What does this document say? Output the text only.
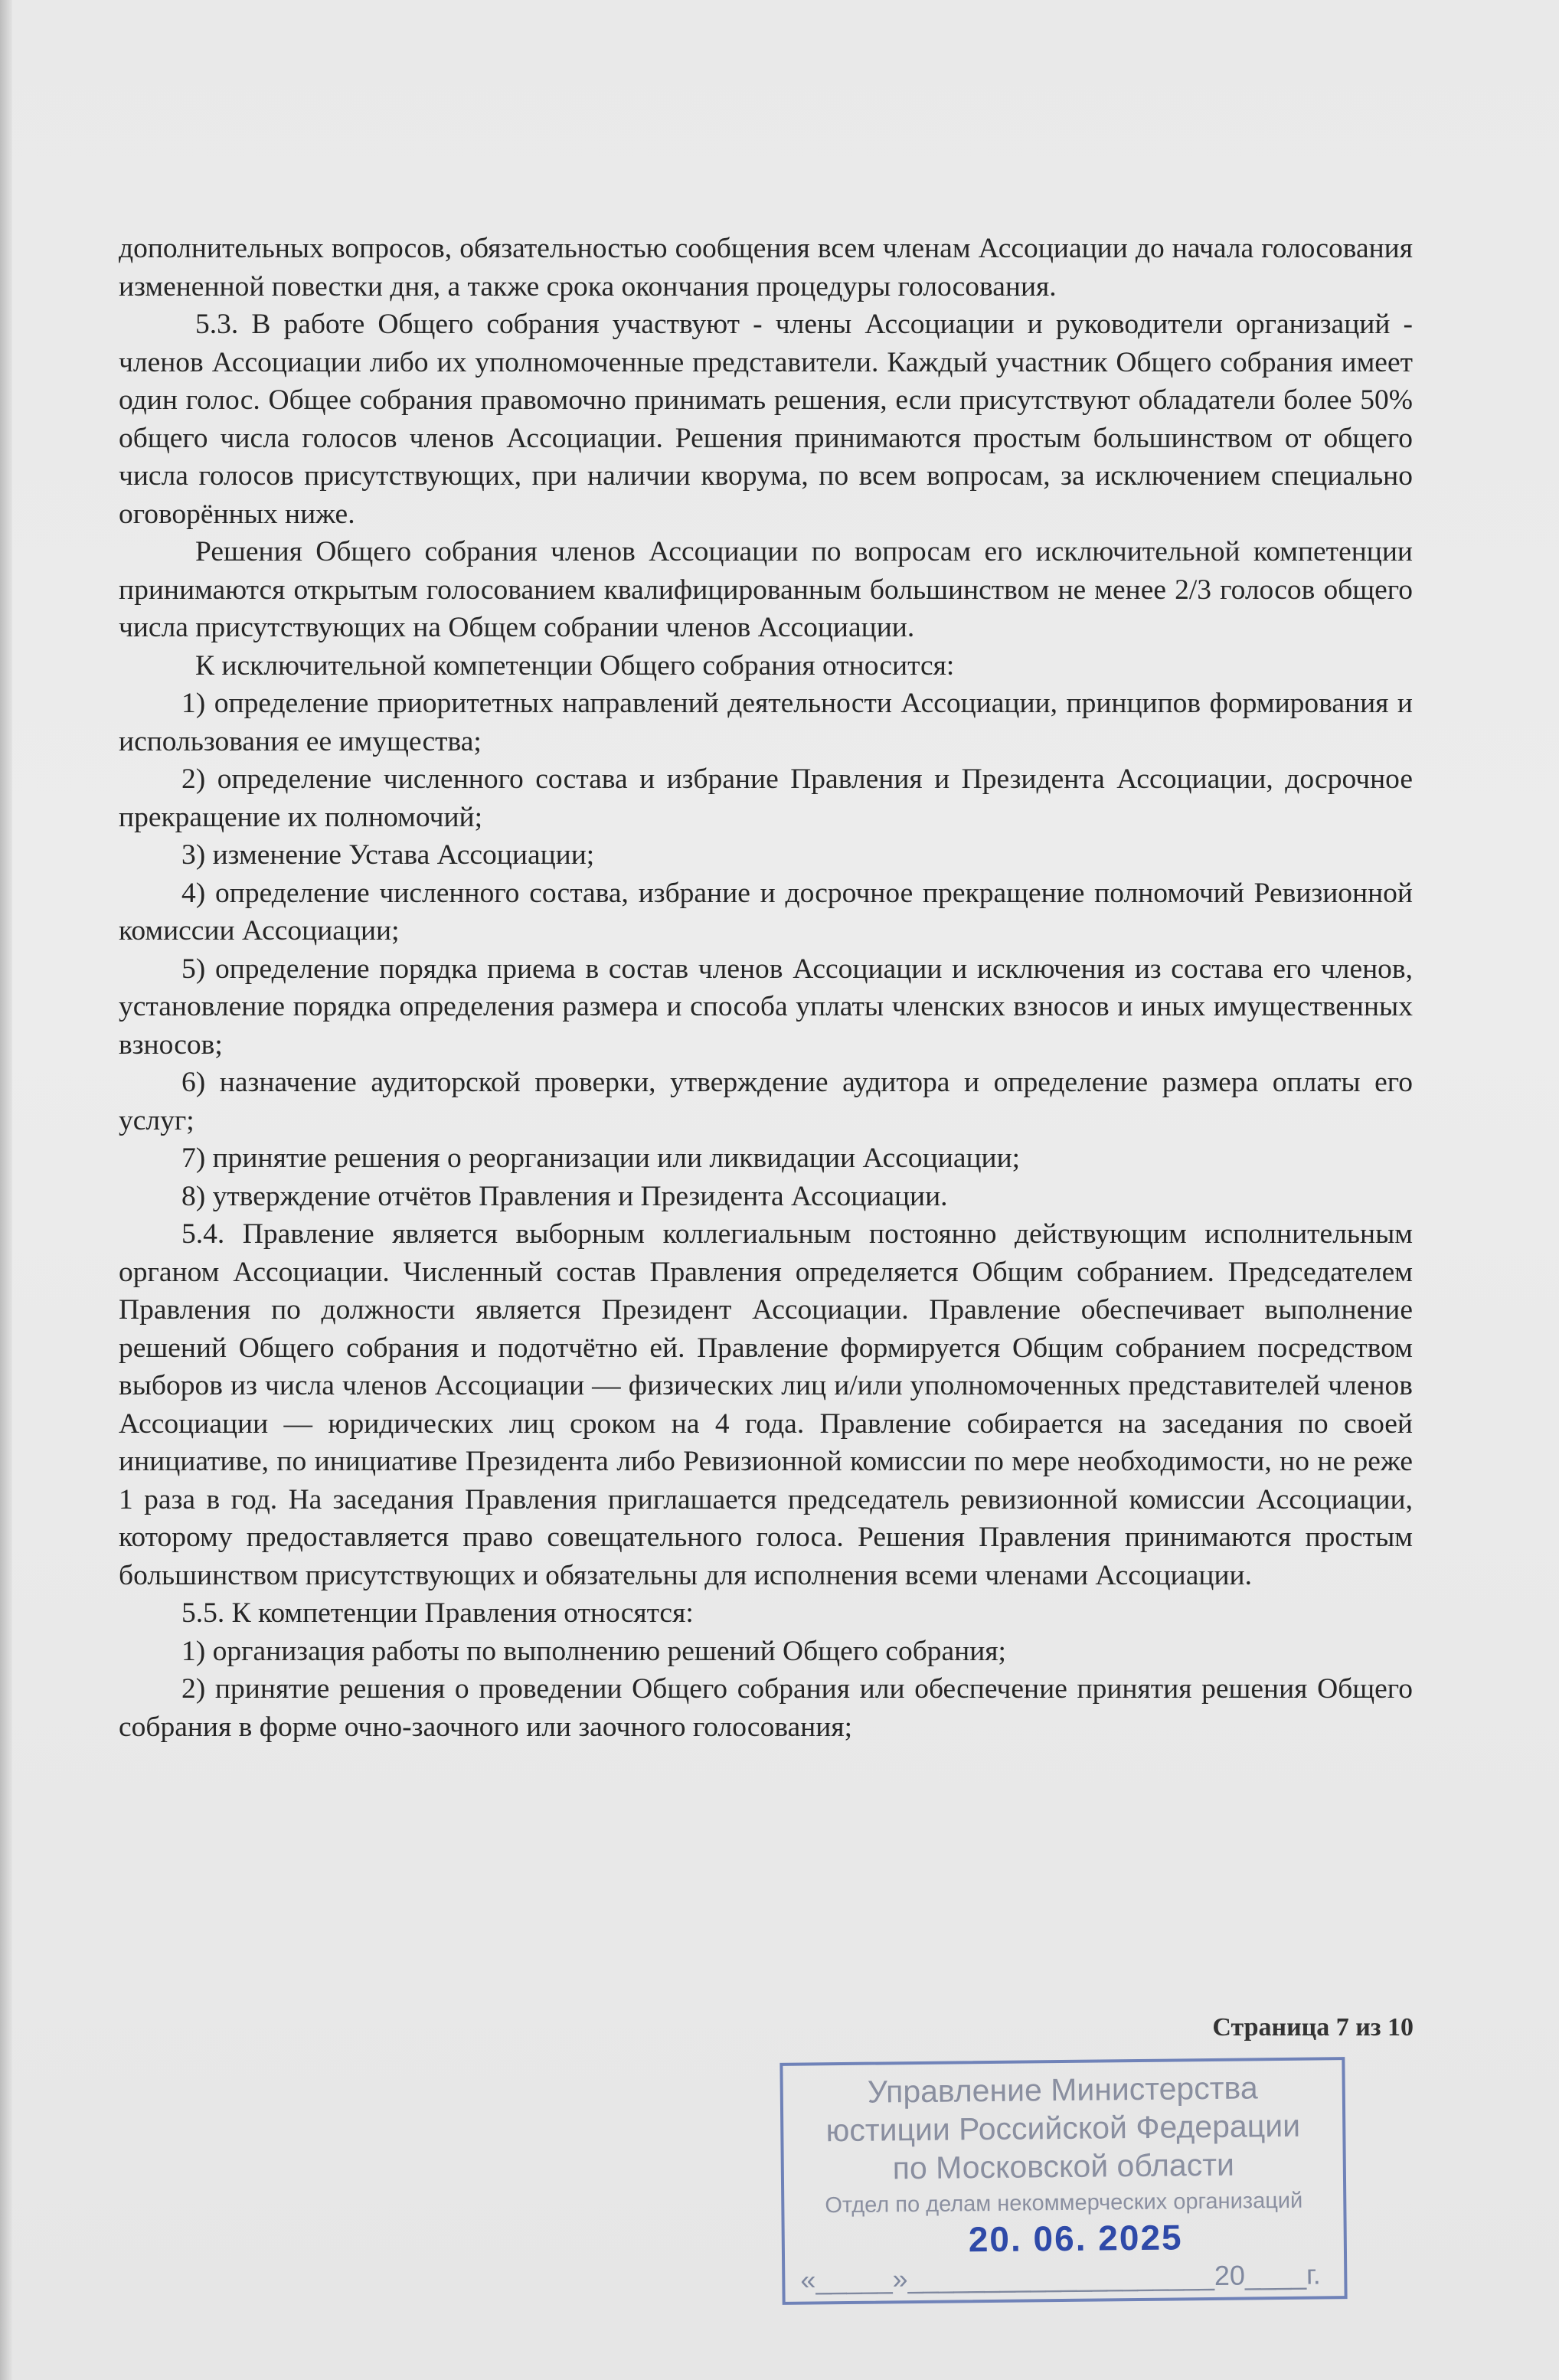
дополнительных вопросов, обязательностью сообщения всем членам Ассоциации до начала голосования измененной повестки дня, а также срока окончания процедуры голосования.

5.3. В работе Общего собрания участвуют - члены Ассоциации и руководители организаций - членов Ассоциации либо их уполномоченные представители. Каждый участник Общего собрания имеет один голос. Общее собрания правомочно принимать решения, если присутствуют обладатели более 50% общего числа голосов членов Ассоциации. Решения принимаются простым большинством от общего числа голосов присутствующих, при наличии кворума, по всем вопросам, за исключением специально оговорённых ниже.

Решения Общего собрания членов Ассоциации по вопросам его исключительной компетенции принимаются открытым голосованием квалифицированным большинством не менее 2/3 голосов общего числа присутствующих на Общем собрании членов Ассоциации.

К исключительной компетенции Общего собрания относится:

1) определение приоритетных направлений деятельности Ассоциации, принципов формирования и использования ее имущества;

2) определение численного состава и избрание Правления и Президента Ассоциации, досрочное прекращение их полномочий;

3) изменение Устава Ассоциации;

4) определение численного состава, избрание и досрочное прекращение полномочий Ревизионной комиссии Ассоциации;

5) определение порядка приема в состав членов Ассоциации и исключения из состава его членов, установление порядка определения размера и способа уплаты членских взносов и иных имущественных взносов;

6) назначение аудиторской проверки, утверждение аудитора и определение размера оплаты его услуг;

7) принятие решения о реорганизации или ликвидации Ассоциации;

8) утверждение отчётов Правления и Президента Ассоциации.

5.4. Правление является выборным коллегиальным постоянно действующим исполнительным органом Ассоциации. Численный состав Правления определяется Общим собранием. Председателем Правления по должности является Президент Ассоциации. Правление обеспечивает выполнение решений Общего собрания и подотчётно ей. Правление формируется Общим собранием посредством выборов из числа членов Ассоциации — физических лиц и/или уполномоченных представителей членов Ассоциации — юридических лиц сроком на 4 года. Правление собирается на заседания по своей инициативе, по инициативе Президента либо Ревизионной комиссии по мере необходимости, но не реже 1 раза в год. На заседания Правления приглашается председатель ревизионной комиссии Ассоциации, которому предоставляется право совещательного голоса. Решения Правления принимаются простым большинством присутствующих и обязательны для исполнения всеми членами Ассоциации.

5.5. К компетенции Правления относятся:

1) организация работы по выполнению решений Общего собрания;

2) принятие решения о проведении Общего собрания или обеспечение принятия решения Общего собрания в форме очно-заочного или заочного голосования;

Страница 7 из 10
Управление Министерства
юстиции Российской Федерации
по Московской области
Отдел по делам некоммерческих организаций
20. 06. 2025
«_____»____________________20____г.
